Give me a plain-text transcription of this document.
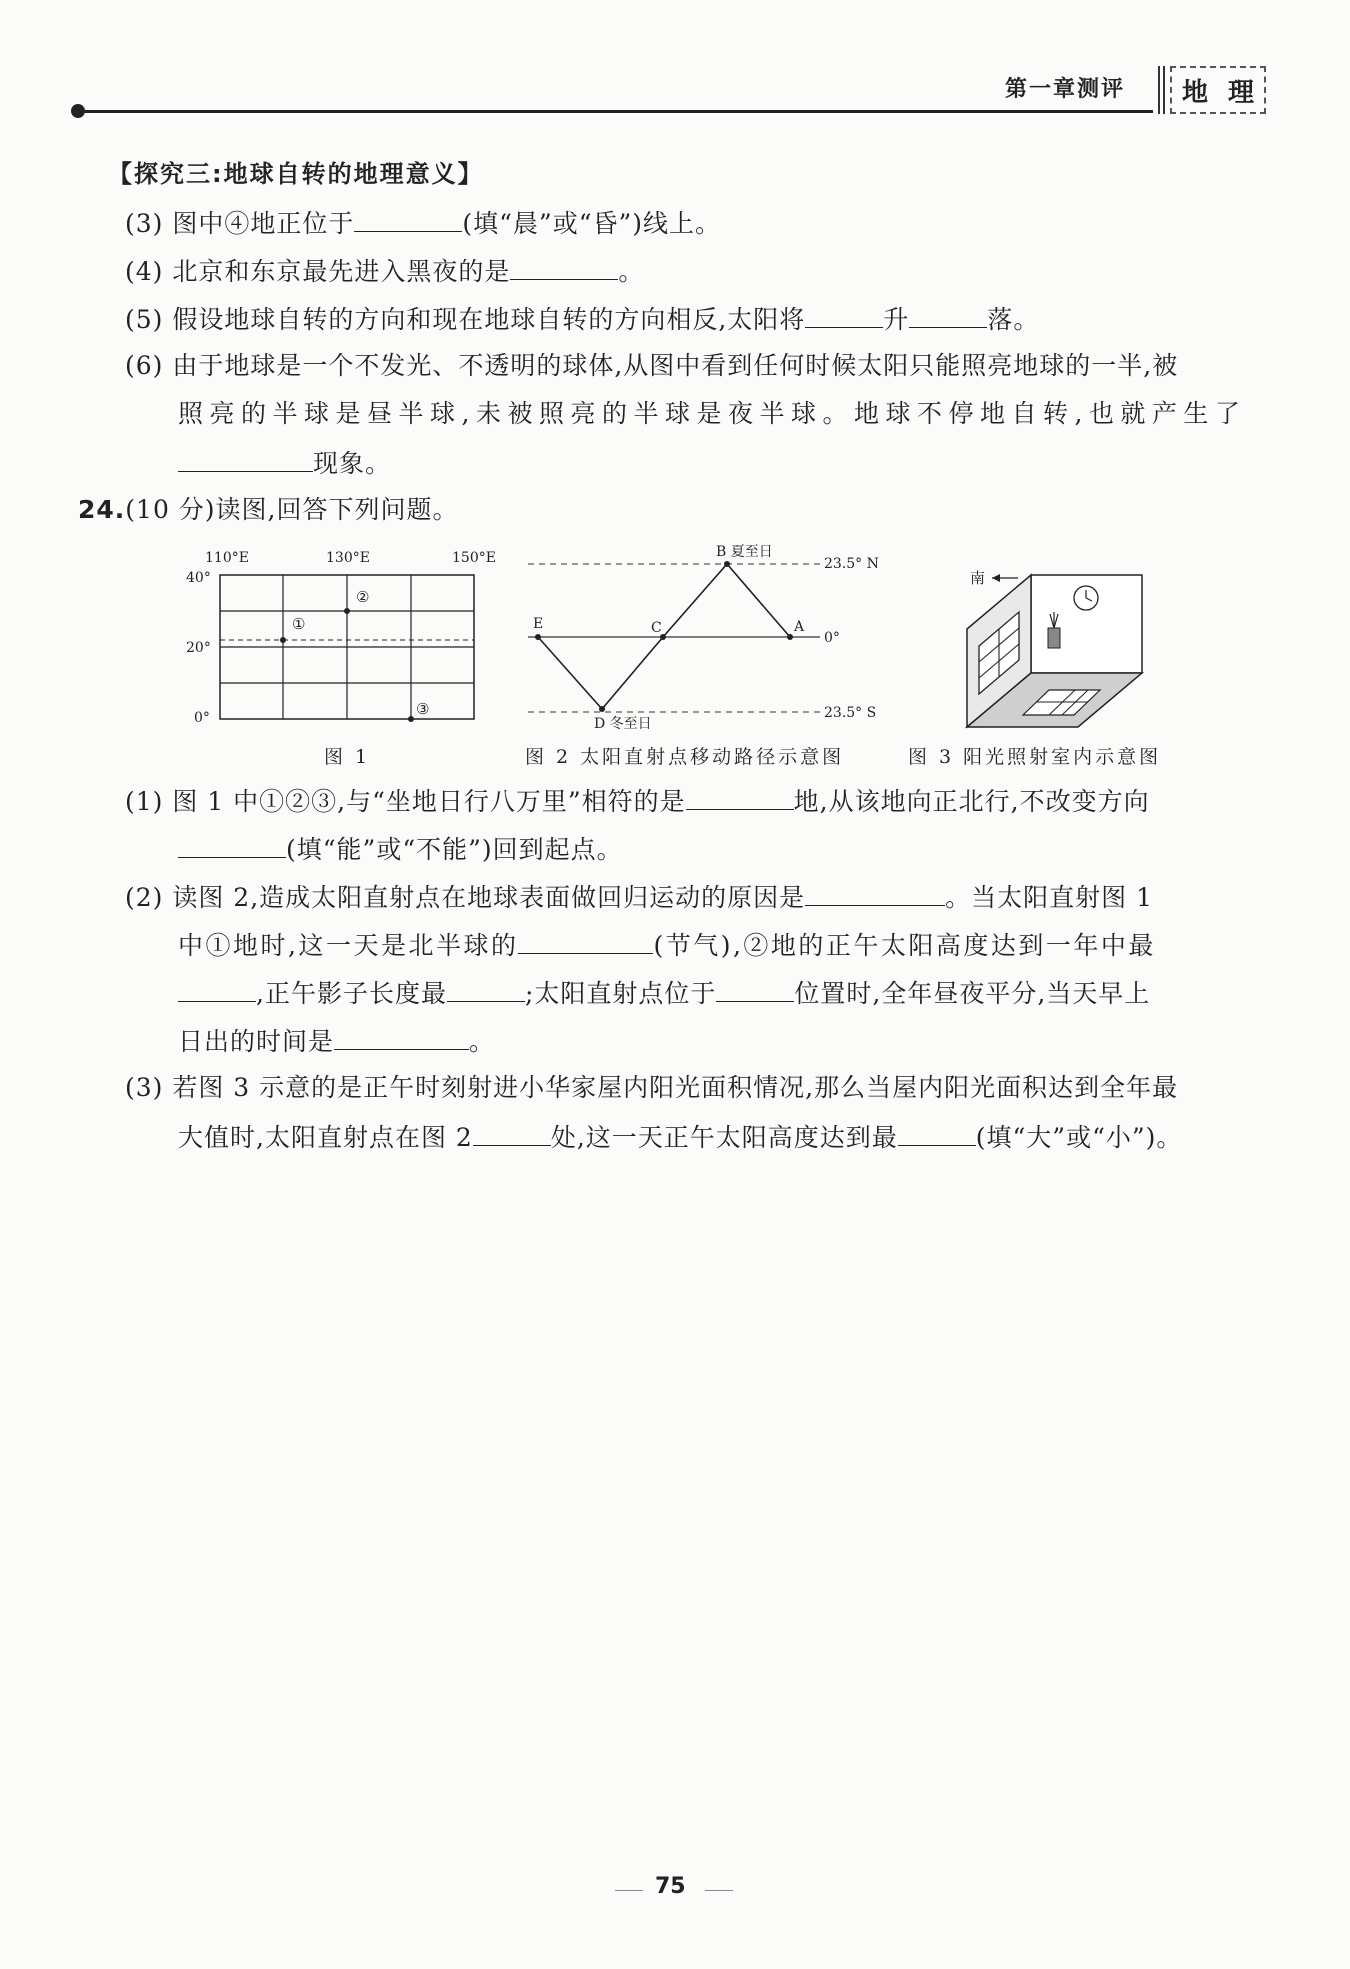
第一章测评 地 理
【探究三:地球自转的地理意义】
(3) 图中④地正位于	(填“晨”或“昏”)线上。
(4) 北京和东京最先进入黑夜的是	。
(5) 假设地球自转的方向和现在地球自转的方向相反,太阳将	升	落。
(6) 由于地球是一个不发光、不透明的球体,从图中看到任何时候太阳只能照亮地球的一半,被
照亮的半球是昼半球,未被照亮的半球是夜半球。地球不停地自转,也就产生了
现象。
24.(10 分)读图,回答下列问题。
110°E	130°E	150°E
40°
20°
0°
①
②
③
B 夏至日
D 冬至日
E	C	A
23.5° N
0°
23.5° S
南
图 1	图 2 太阳直射点移动路径示意图	图 3 阳光照射室内示意图
(1) 图 1 中①②③,与“坐地日行八万里”相符的是	地,从该地向正北行,不改变方向
(填“能”或“不能”)回到起点。
(2) 读图 2,造成太阳直射点在地球表面做回归运动的原因是	。当太阳直射图 1
中①地时,这一天是北半球的	(节气),②地的正午太阳高度达到一年中最
,正午影子长度最	;太阳直射点位于	位置时,全年昼夜平分,当天早上
日出的时间是	。
(3) 若图 3 示意的是正午时刻射进小华家屋内阳光面积情况,那么当屋内阳光面积达到全年最
大值时,太阳直射点在图 2	处,这一天正午太阳高度达到最	(填“大”或“小”)。
75
